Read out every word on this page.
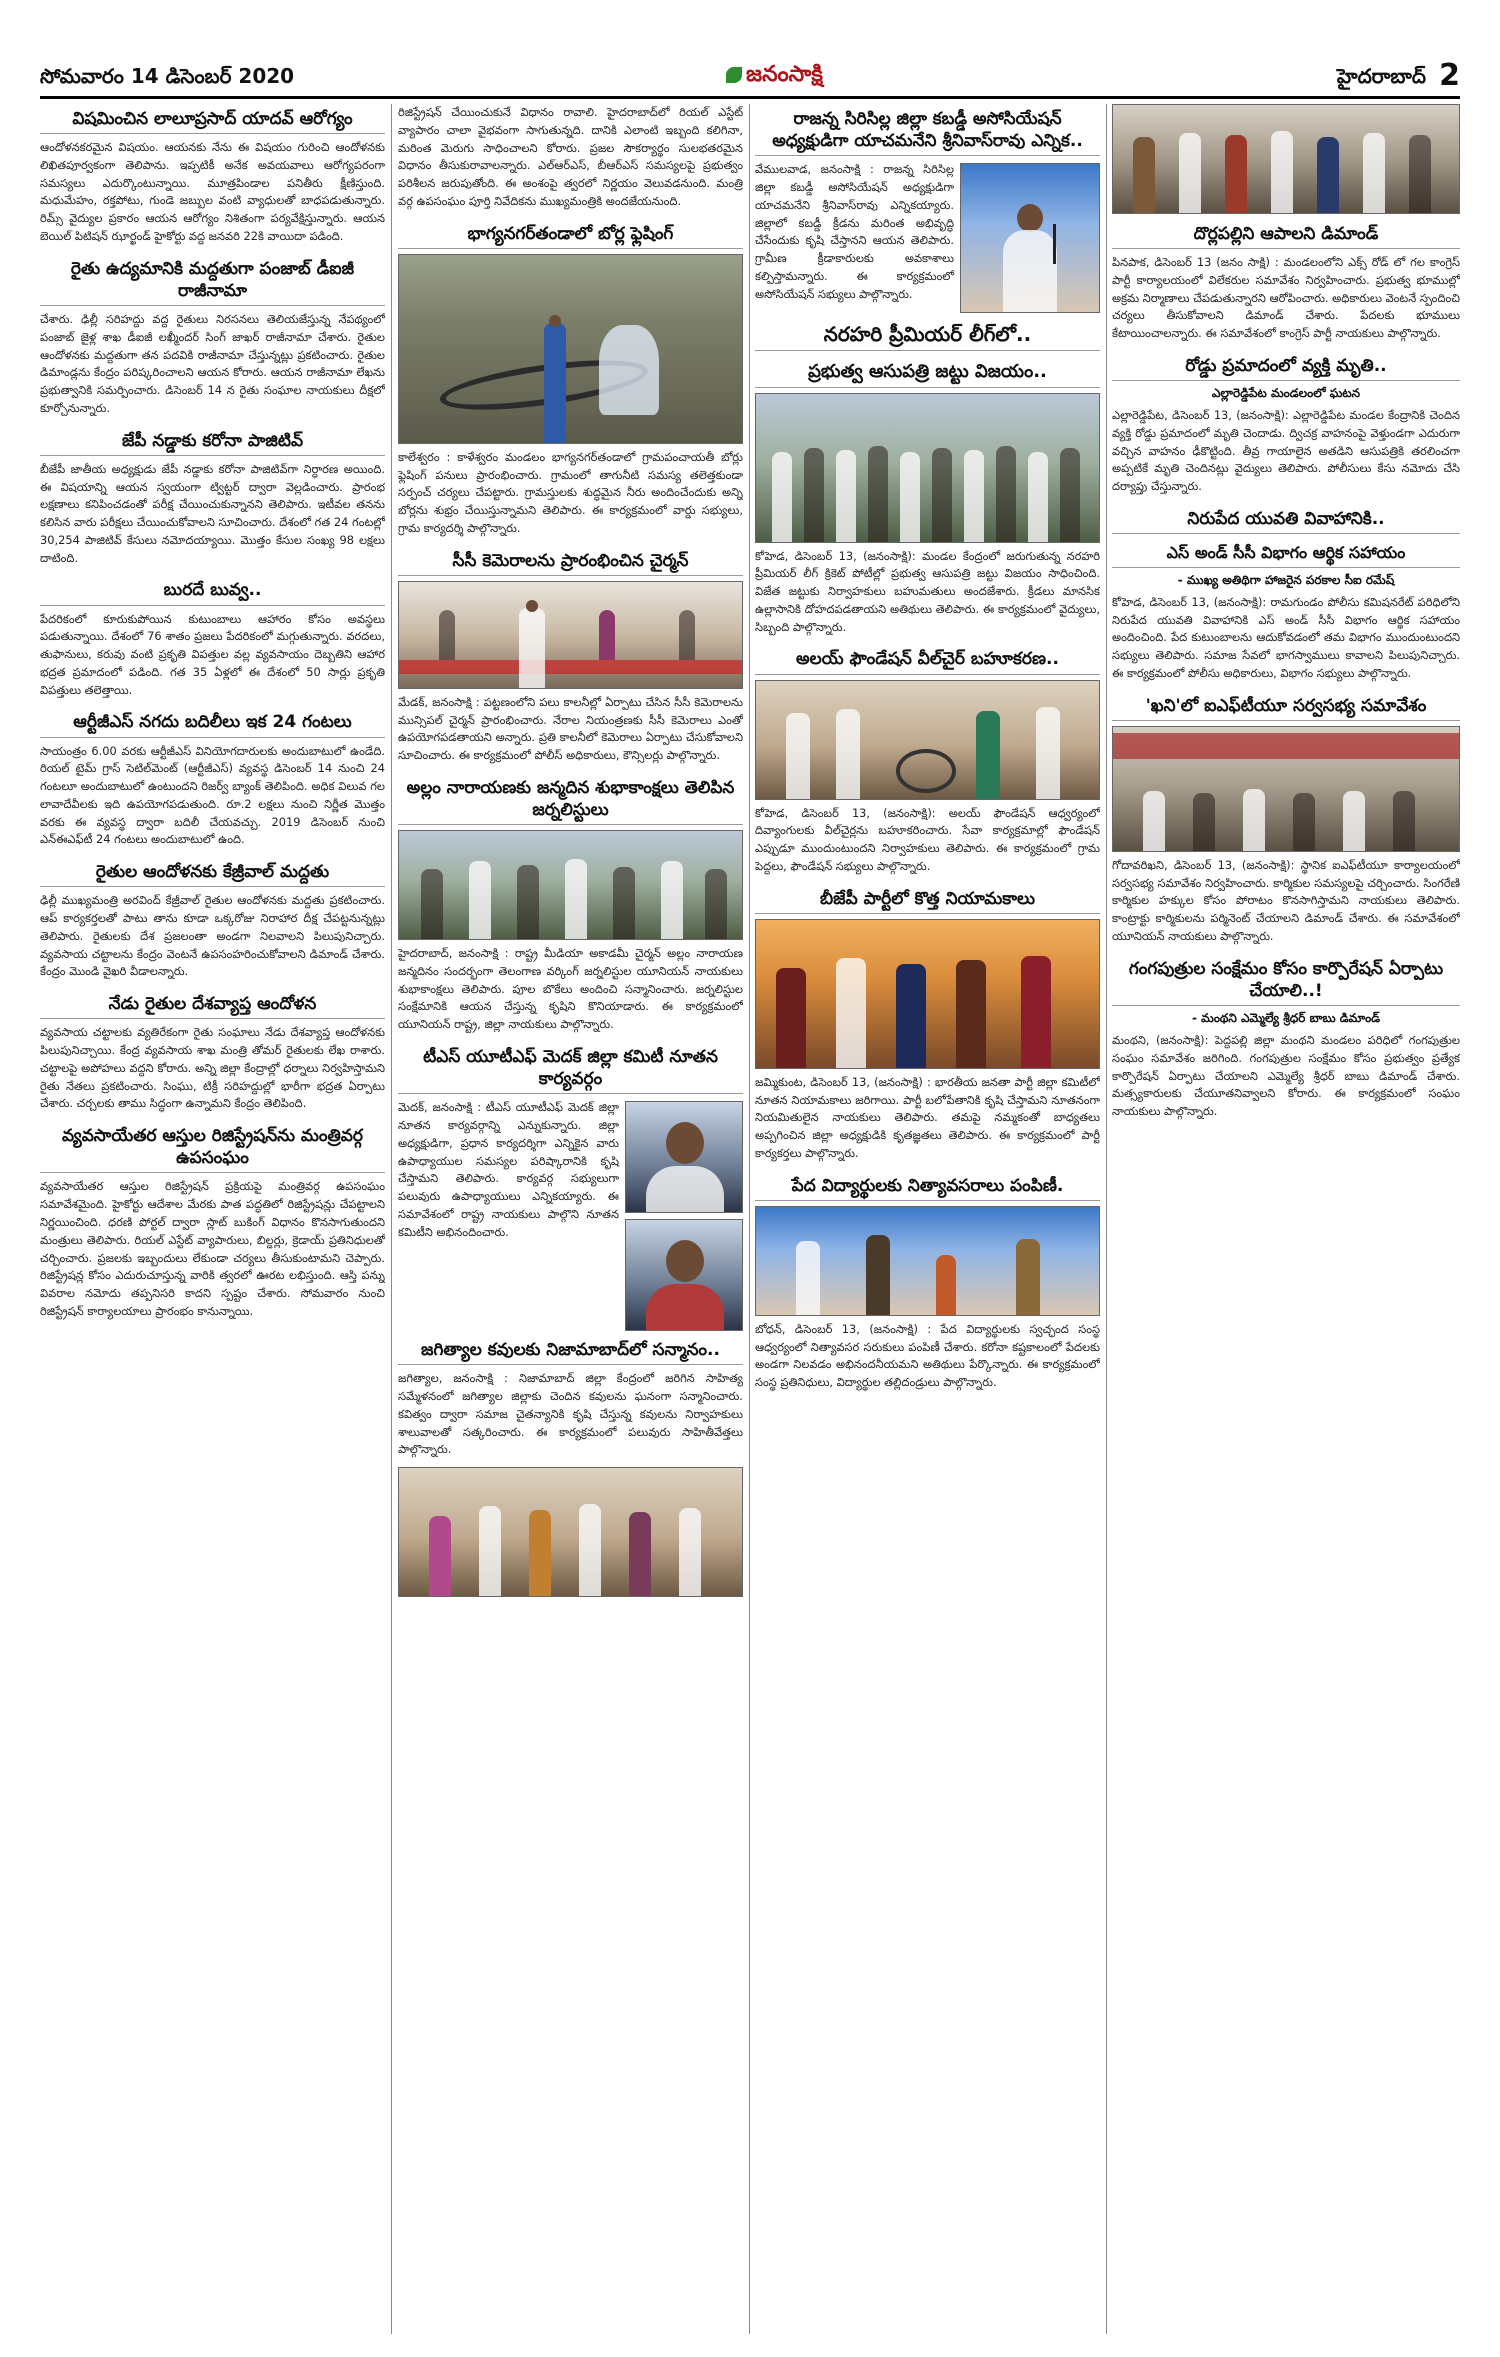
సోమవారం 14 డిసెంబర్ 2020	జనంసాక్షి	హైదరాబాద్ 2
విషమించిన లాలూప్రసాద్ యాదవ్ ఆరోగ్యం

ఆందోళనకరమైన విషయం. ఆయనకు నేను ఈ విషయం గురించి ఆందోళనకు లిఖితపూర్వకంగా తెలిపాను. ఇప్పటికీ అనేక అవయవాలు ఆరోగ్యపరంగా సమస్యలు ఎదుర్కొంటున్నాయి. మూత్రపిండాల పనితీరు క్షీణిస్తుంది. మధుమేహం, రక్తపోటు, గుండె జబ్బుల వంటి వ్యాధులతో బాధపడుతున్నారు. రిమ్స్ వైద్యుల ప్రకారం ఆయన ఆరోగ్యం నిశితంగా పర్యవేక్షిస్తున్నారు. ఆయన బెయిల్ పిటిషన్ ఝార్ఖండ్ హైకోర్టు వద్ద జనవరి 22కి వాయిదా పడింది.

రైతు ఉద్యమానికి మద్దతుగా పంజాబ్ డీఐజీ రాజీనామా

చేశారు. ఢిల్లీ సరిహద్దు వద్ద రైతులు నిరసనలు తెలియజేస్తున్న నేపథ్యంలో పంజాబ్ జైళ్ల శాఖ డీఐజీ లఖ్మీందర్ సింగ్ జాఖర్ రాజీనామా చేశారు. రైతుల ఆందోళనకు మద్దతుగా తన పదవికి రాజీనామా చేస్తున్నట్లు ప్రకటించారు. రైతుల డిమాండ్లను కేంద్రం పరిష్కరించాలని ఆయన కోరారు. ఆయన రాజీనామా లేఖను ప్రభుత్వానికి సమర్పించారు. డిసెంబర్ 14 న రైతు సంఘాల నాయకులు దీక్షలో కూర్చోనున్నారు.

జేపీ నడ్డాకు కరోనా పాజిటివ్

బీజేపీ జాతీయ అధ్యక్షుడు జేపీ నడ్డాకు కరోనా పాజిటివ్‌గా నిర్ధారణ అయింది. ఈ విషయాన్ని ఆయన స్వయంగా ట్విట్టర్ ద్వారా వెల్లడించారు. ప్రారంభ లక్షణాలు కనిపించడంతో పరీక్ష చేయించుకున్నానని తెలిపారు. ఇటీవల తనను కలిసిన వారు పరీక్షలు చేయించుకోవాలని సూచించారు. దేశంలో గత 24 గంటల్లో 30,254 పాజిటివ్ కేసులు నమోదయ్యాయి. మొత్తం కేసుల సంఖ్య 98 లక్షలు దాటింది.

బురదే బువ్వ..

పేదరికంలో కూరుకుపోయిన కుటుంబాలు ఆహారం కోసం అవస్థలు పడుతున్నాయి. దేశంలో 76 శాతం ప్రజలు పేదరికంలో మగ్గుతున్నారు. వరదలు, తుఫానులు, కరువు వంటి ప్రకృతి విపత్తుల వల్ల వ్యవసాయం దెబ్బతిని ఆహార భద్రత ప్రమాదంలో పడింది. గత 35 ఏళ్లలో ఈ దేశంలో 50 సార్లు ప్రకృతి విపత్తులు తలెత్తాయి.

ఆర్టీజీఎస్ నగదు బదిలీలు ఇక 24 గంటలు

సాయంత్రం 6.00 వరకు ఆర్టీజీఎస్ వినియోగదారులకు అందుబాటులో ఉండేది. రియల్ టైమ్ గ్రాస్ సెటిల్‌మెంట్ (ఆర్టీజీఎస్) వ్యవస్థ డిసెంబర్ 14 నుంచి 24 గంటలూ అందుబాటులో ఉంటుందని రిజర్వ్ బ్యాంక్ తెలిపింది. అధిక విలువ గల లావాదేవీలకు ఇది ఉపయోగపడుతుంది. రూ.2 లక్షలు నుంచి నిర్ణీత మొత్తం వరకు ఈ వ్యవస్థ ద్వారా బదిలీ చేయవచ్చు. 2019 డిసెంబర్ నుంచి ఎన్ఈఎఫ్‌టీ 24 గంటలు అందుబాటులో ఉంది.

రైతుల ఆందోళనకు కేజ్రీవాల్ మద్దతు

ఢిల్లీ ముఖ్యమంత్రి అరవింద్ కేజ్రీవాల్ రైతుల ఆందోళనకు మద్దతు ప్రకటించారు. ఆప్ కార్యకర్తలతో పాటు తాను కూడా ఒక్కరోజు నిరాహార దీక్ష చేపట్టనున్నట్లు తెలిపారు. రైతులకు దేశ ప్రజలంతా అండగా నిలవాలని పిలుపునిచ్చారు. వ్యవసాయ చట్టాలను కేంద్రం వెంటనే ఉపసంహరించుకోవాలని డిమాండ్ చేశారు. కేంద్రం మొండి వైఖరి వీడాలన్నారు.

నేడు రైతుల దేశవ్యాప్త ఆందోళన

వ్యవసాయ చట్టాలకు వ్యతిరేకంగా రైతు సంఘాలు నేడు దేశవ్యాప్త ఆందోళనకు పిలుపునిచ్చాయి. కేంద్ర వ్యవసాయ శాఖ మంత్రి తోమర్ రైతులకు లేఖ రాశారు. చట్టాలపై అపోహలు వద్దని కోరారు. అన్ని జిల్లా కేంద్రాల్లో ధర్నాలు నిర్వహిస్తామని రైతు నేతలు ప్రకటించారు. సింఘు, టిక్రీ సరిహద్దుల్లో భారీగా భద్రత ఏర్పాటు చేశారు. చర్చలకు తాము సిద్ధంగా ఉన్నామని కేంద్రం తెలిపింది.

వ్యవసాయేతర ఆస్తుల రిజిస్ట్రేషన్‌ను మంత్రివర్గ ఉపసంఘం

వ్యవసాయేతర ఆస్తుల రిజిస్ట్రేషన్ ప్రక్రియపై మంత్రివర్గ ఉపసంఘం సమావేశమైంది. హైకోర్టు ఆదేశాల మేరకు పాత పద్ధతిలో రిజిస్ట్రేషన్లు చేపట్టాలని నిర్ణయించింది. ధరణి పోర్టల్ ద్వారా స్లాట్ బుకింగ్ విధానం కొనసాగుతుందని మంత్రులు తెలిపారు. రియల్ ఎస్టేట్ వ్యాపారులు, బిల్డర్లు, క్రెడాయ్ ప్రతినిధులతో చర్చించారు. ప్రజలకు ఇబ్బందులు లేకుండా చర్యలు తీసుకుంటామని చెప్పారు. రిజిస్ట్రేషన్ల కోసం ఎదురుచూస్తున్న వారికి త్వరలో ఊరట లభిస్తుంది. ఆస్తి పన్ను వివరాల నమోదు తప్పనిసరి కాదని స్పష్టం చేశారు. సోమవారం నుంచి రిజిస్ట్రేషన్ కార్యాలయాలు ప్రారంభం కానున్నాయి.

రిజిస్ట్రేషన్ చేయించుకునే విధానం రావాలి. హైదరాబాద్‌లో రియల్ ఎస్టేట్ వ్యాపారం చాలా వైభవంగా సాగుతున్నది. దానికి ఎలాంటి ఇబ్బంది కలిగినా, మరింత మెరుగు సాధించాలని కోరారు. ప్రజల సౌకర్యార్థం సులభతరమైన విధానం తీసుకురావాలన్నారు. ఎల్ఆర్ఎస్, బీఆర్ఎస్ సమస్యలపై ప్రభుత్వం పరిశీలన జరుపుతోంది. ఈ అంశంపై త్వరలో నిర్ణయం వెలువడనుంది. మంత్రి వర్గ ఉపసంఘం పూర్తి నివేదికను ముఖ్యమంత్రికి అందజేయనుంది.

భాగ్యనగర్‌తండాలో బోర్ల ఫ్లెషింగ్

కాలేశ్వరం : కాళేశ్వరం మండలం భాగ్యనగర్‌తండాలో గ్రామపంచాయతీ బోర్లు ఫ్లెషింగ్ పనులు ప్రారంభించారు. గ్రామంలో తాగునీటి సమస్య తలెత్తకుండా సర్పంచ్ చర్యలు చేపట్టారు. గ్రామస్తులకు శుద్ధమైన నీరు అందించేందుకు అన్ని బోర్లను శుభ్రం చేయిస్తున్నామని తెలిపారు. ఈ కార్యక్రమంలో వార్డు సభ్యులు, గ్రామ కార్యదర్శి పాల్గొన్నారు.

సీసీ కెమెరాలను ప్రారంభించిన చైర్మన్

మేడక్, జనంసాక్షి : పట్టణంలోని పలు కాలనీల్లో ఏర్పాటు చేసిన సీసీ కెమెరాలను మున్సిపల్ చైర్మన్ ప్రారంభించారు. నేరాల నియంత్రణకు సీసీ కెమెరాలు ఎంతో ఉపయోగపడతాయని అన్నారు. ప్రతి కాలనీలో కెమెరాలు ఏర్పాటు చేసుకోవాలని సూచించారు. ఈ కార్యక్రమంలో పోలీస్ అధికారులు, కౌన్సిలర్లు పాల్గొన్నారు.

అల్లం నారాయణకు జన్మదిన శుభాకాంక్షలు తెలిపిన జర్నలిస్టులు

హైదరాబాద్, జనంసాక్షి : రాష్ట్ర మీడియా అకాడమీ చైర్మన్ అల్లం నారాయణ జన్మదినం సందర్భంగా తెలంగాణ వర్కింగ్ జర్నలిస్టుల యూనియన్ నాయకులు శుభాకాంక్షలు తెలిపారు. పూల బొకేలు అందించి సన్మానించారు. జర్నలిస్టుల సంక్షేమానికి ఆయన చేస్తున్న కృషిని కొనియాడారు. ఈ కార్యక్రమంలో యూనియన్ రాష్ట్ర, జిల్లా నాయకులు పాల్గొన్నారు.

టీఎస్ యూటీఎఫ్ మెదక్ జిల్లా కమిటీ నూతన కార్యవర్గం

మెదక్, జనంసాక్షి : టీఎస్ యూటీఎఫ్ మెదక్ జిల్లా నూతన కార్యవర్గాన్ని ఎన్నుకున్నారు. జిల్లా అధ్యక్షుడిగా, ప్రధాన కార్యదర్శిగా ఎన్నికైన వారు ఉపాధ్యాయుల సమస్యల పరిష్కారానికి కృషి చేస్తామని తెలిపారు. కార్యవర్గ సభ్యులుగా పలువురు ఉపాధ్యాయులు ఎన్నికయ్యారు. ఈ సమావేశంలో రాష్ట్ర నాయకులు పాల్గొని నూతన కమిటీని అభినందించారు.

జగిత్యాల కవులకు నిజామాబాద్‌లో సన్మానం..

జగిత్యాల, జనంసాక్షి : నిజామాబాద్ జిల్లా కేంద్రంలో జరిగిన సాహిత్య సమ్మేళనంలో జగిత్యాల జిల్లాకు చెందిన కవులను ఘనంగా సన్మానించారు. కవిత్వం ద్వారా సమాజ చైతన్యానికి కృషి చేస్తున్న కవులను నిర్వాహకులు శాలువాలతో సత్కరించారు. ఈ కార్యక్రమంలో పలువురు సాహితీవేత్తలు పాల్గొన్నారు.

రాజన్న సిరిసిల్ల జిల్లా కబడ్డీ అసోసియేషన్ అధ్యక్షుడిగా యాచమనేని శ్రీనివాస్‌రావు ఎన్నిక..

వేములవాడ, జనంసాక్షి : రాజన్న సిరిసిల్ల జిల్లా కబడ్డీ అసోసియేషన్ అధ్యక్షుడిగా యాచమనేని శ్రీనివాస్‌రావు ఎన్నికయ్యారు. జిల్లాలో కబడ్డీ క్రీడను మరింత అభివృద్ధి చేసేందుకు కృషి చేస్తానని ఆయన తెలిపారు. గ్రామీణ క్రీడాకారులకు అవకాశాలు కల్పిస్తామన్నారు. ఈ కార్యక్రమంలో అసోసియేషన్ సభ్యులు పాల్గొన్నారు.

నరహరి ప్రీమియర్ లీగ్‌లో..
ప్రభుత్వ ఆసుపత్రి జట్టు విజయం..

కోహెడ, డిసెంబర్ 13, (జనంసాక్షి): మండల కేంద్రంలో జరుగుతున్న నరహరి ప్రీమియర్ లీగ్ క్రికెట్ పోటీల్లో ప్రభుత్వ ఆసుపత్రి జట్టు విజయం సాధించింది. విజేత జట్టుకు నిర్వాహకులు బహుమతులు అందజేశారు. క్రీడలు మానసిక ఉల్లాసానికి దోహదపడతాయని అతిథులు తెలిపారు. ఈ కార్యక్రమంలో వైద్యులు, సిబ్బంది పాల్గొన్నారు.

అలయ్ ఫౌండేషన్ వీల్‌చైర్ బహూకరణ..

కోహెడ, డిసెంబర్ 13, (జనంసాక్షి): అలయ్ ఫౌండేషన్ ఆధ్వర్యంలో దివ్యాంగులకు వీల్‌చైర్లను బహూకరించారు. సేవా కార్యక్రమాల్లో ఫౌండేషన్ ఎప్పుడూ ముందుంటుందని నిర్వాహకులు తెలిపారు. ఈ కార్యక్రమంలో గ్రామ పెద్దలు, ఫౌండేషన్ సభ్యులు పాల్గొన్నారు.

బీజేపీ పార్టీలో కొత్త నియామకాలు

జమ్మికుంట, డిసెంబర్ 13, (జనంసాక్షి) : భారతీయ జనతా పార్టీ జిల్లా కమిటీలో నూతన నియామకాలు జరిగాయి. పార్టీ బలోపేతానికి కృషి చేస్తామని నూతనంగా నియమితులైన నాయకులు తెలిపారు. తమపై నమ్మకంతో బాధ్యతలు అప్పగించిన జిల్లా అధ్యక్షుడికి కృతజ్ఞతలు తెలిపారు. ఈ కార్యక్రమంలో పార్టీ కార్యకర్తలు పాల్గొన్నారు.

పేద విద్యార్థులకు నిత్యావసరాలు పంపిణీ.

బోధన్, డిసెంబర్ 13, (జనంసాక్షి) : పేద విద్యార్థులకు స్వచ్ఛంద సంస్థ ఆధ్వర్యంలో నిత్యావసర సరుకులు పంపిణీ చేశారు. కరోనా కష్టకాలంలో పేదలకు అండగా నిలవడం అభినందనీయమని అతిథులు పేర్కొన్నారు. ఈ కార్యక్రమంలో సంస్థ ప్రతినిధులు, విద్యార్థుల తల్లిదండ్రులు పాల్గొన్నారు.

దొర్లపల్లిని ఆపాలని డిమాండ్

పినపాక, డిసెంబర్ 13 (జనం సాక్షి) : మండలంలోని ఎక్స్ రోడ్ లో గల కాంగ్రెస్ పార్టీ కార్యాలయంలో విలేకరుల సమావేశం నిర్వహించారు. ప్రభుత్వ భూముల్లో అక్రమ నిర్మాణాలు చేపడుతున్నారని ఆరోపించారు. అధికారులు వెంటనే స్పందించి చర్యలు తీసుకోవాలని డిమాండ్ చేశారు. పేదలకు భూములు కేటాయించాలన్నారు. ఈ సమావేశంలో కాంగ్రెస్ పార్టీ నాయకులు పాల్గొన్నారు.

రోడ్డు ప్రమాదంలో వ్యక్తి మృతి..
ఎల్లారెడ్డిపేట మండలంలో ఘటన

ఎల్లారెడ్డిపేట, డిసెంబర్ 13, (జనంసాక్షి): ఎల్లారెడ్డిపేట మండల కేంద్రానికి చెందిన వ్యక్తి రోడ్డు ప్రమాదంలో మృతి చెందాడు. ద్విచక్ర వాహనంపై వెళ్తుండగా ఎదురుగా వచ్చిన వాహనం ఢీకొట్టింది. తీవ్ర గాయాలైన అతడిని ఆసుపత్రికి తరలించగా అప్పటికే మృతి చెందినట్లు వైద్యులు తెలిపారు. పోలీసులు కేసు నమోదు చేసి దర్యాప్తు చేస్తున్నారు.

నిరుపేద యువతి వివాహానికి..
ఎస్ అండ్ సీసీ విభాగం ఆర్థిక సహాయం
- ముఖ్య అతిథిగా హాజరైన పరకాల సీఐ రమేష్

కోహెడ, డిసెంబర్ 13, (జనంసాక్షి): రామగుండం పోలీసు కమిషనరేట్ పరిధిలోని నిరుపేద యువతి వివాహానికి ఎస్ అండ్ సీసీ విభాగం ఆర్థిక సహాయం అందించింది. పేద కుటుంబాలను ఆదుకోవడంలో తమ విభాగం ముందుంటుందని సభ్యులు తెలిపారు. సమాజ సేవలో భాగస్వాములు కావాలని పిలుపునిచ్చారు. ఈ కార్యక్రమంలో పోలీసు అధికారులు, విభాగం సభ్యులు పాల్గొన్నారు.

'ఖని'లో ఐఎఫ్‌టీయూ సర్వసభ్య సమావేశం

గోదావరిఖని, డిసెంబర్ 13, (జనంసాక్షి): స్థానిక ఐఎఫ్‌టీయూ కార్యాలయంలో సర్వసభ్య సమావేశం నిర్వహించారు. కార్మికుల సమస్యలపై చర్చించారు. సింగరేణి కార్మికుల హక్కుల కోసం పోరాటం కొనసాగిస్తామని నాయకులు తెలిపారు. కాంట్రాక్టు కార్మికులను పర్మినెంట్ చేయాలని డిమాండ్ చేశారు. ఈ సమావేశంలో యూనియన్ నాయకులు పాల్గొన్నారు.

గంగపుత్రుల సంక్షేమం కోసం కార్పొరేషన్ ఏర్పాటు చేయాలి..!
- మంథని ఎమ్మెల్యే శ్రీధర్ బాబు డిమాండ్

మంథని, (జనంసాక్షి): పెద్దపల్లి జిల్లా మంథని మండలం పరిధిలో గంగపుత్రుల సంఘం సమావేశం జరిగింది. గంగపుత్రుల సంక్షేమం కోసం ప్రభుత్వం ప్రత్యేక కార్పొరేషన్ ఏర్పాటు చేయాలని ఎమ్మెల్యే శ్రీధర్ బాబు డిమాండ్ చేశారు. మత్స్యకారులకు చేయూతనివ్వాలని కోరారు. ఈ కార్యక్రమంలో సంఘం నాయకులు పాల్గొన్నారు.
